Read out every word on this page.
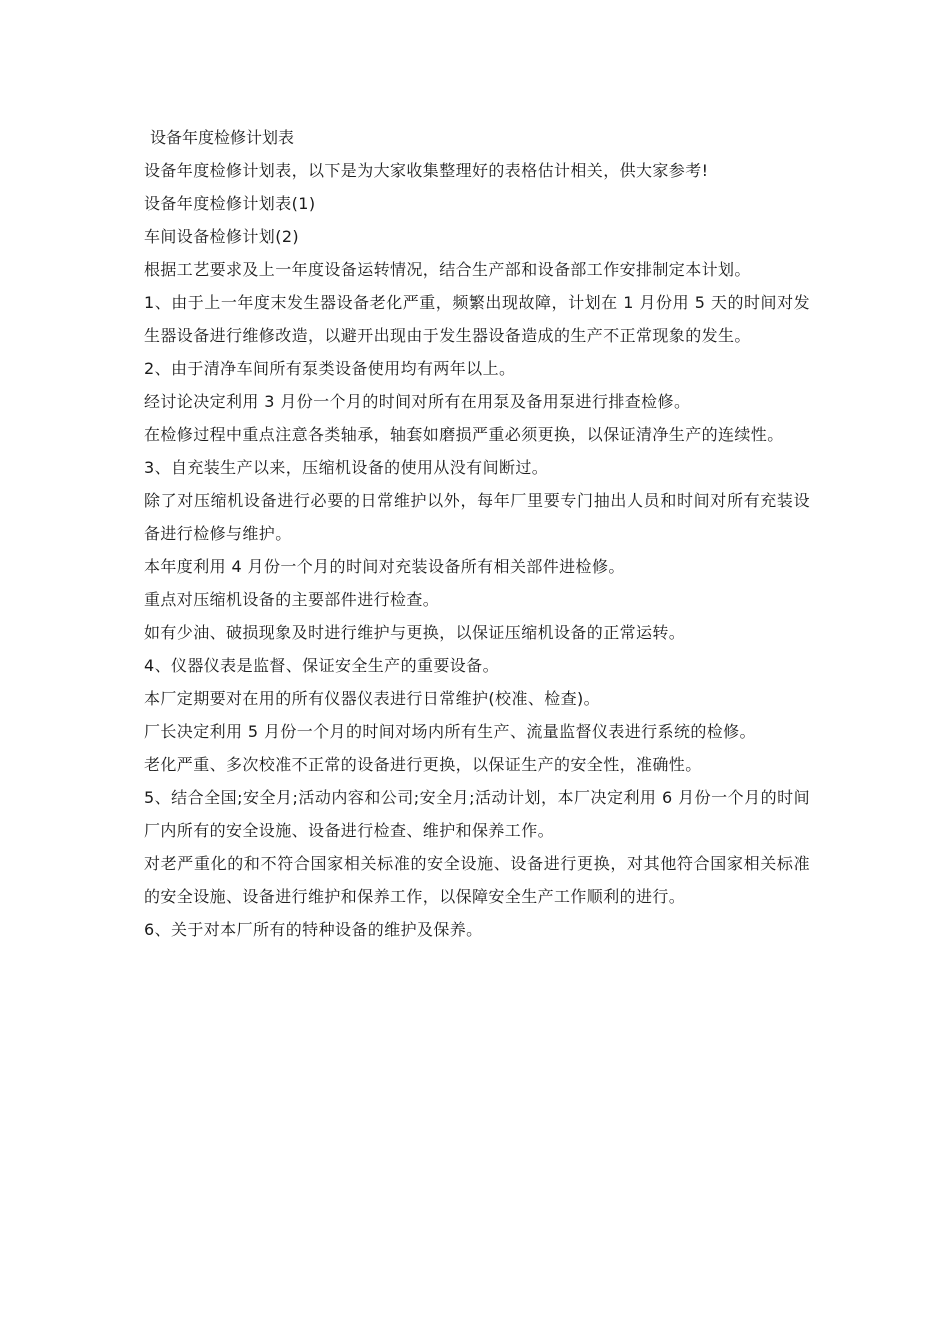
设备年度检修计划表

设备年度检修计划表，以下是为大家收集整理好的表格估计相关，供大家参考!

设备年度检修计划表(1)

车间设备检修计划(2)

根据工艺要求及上一年度设备运转情况，结合生产部和设备部工作安排制定本计划。

1、由于上一年度末发生器设备老化严重，频繁出现故障，计划在 1 月份用 5 天的时间对发生器设备进行维修改造，以避开出现由于发生器设备造成的生产不正常现象的发生。

2、由于清净车间所有泵类设备使用均有两年以上。

经讨论决定利用 3 月份一个月的时间对所有在用泵及备用泵进行排查检修。

在检修过程中重点注意各类轴承，轴套如磨损严重必须更换，以保证清净生产的连续性。

3、自充装生产以来，压缩机设备的使用从没有间断过。

除了对压缩机设备进行必要的日常维护以外，每年厂里要专门抽出人员和时间对所有充装设备进行检修与维护。

本年度利用 4 月份一个月的时间对充装设备所有相关部件进检修。

重点对压缩机设备的主要部件进行检查。

如有少油、破损现象及时进行维护与更换，以保证压缩机设备的正常运转。

4、仪器仪表是监督、保证安全生产的重要设备。

本厂定期要对在用的所有仪器仪表进行日常维护(校准、检查)。

厂长决定利用 5 月份一个月的时间对场内所有生产、流量监督仪表进行系统的检修。

老化严重、多次校准不正常的设备进行更换，以保证生产的安全性，准确性。

5、结合全国;安全月;活动内容和公司;安全月;活动计划，本厂决定利用 6 月份一个月的时间厂内所有的安全设施、设备进行检查、维护和保养工作。

对老严重化的和不符合国家相关标准的安全设施、设备进行更换，对其他符合国家相关标准的安全设施、设备进行维护和保养工作，以保障安全生产工作顺利的进行。

6、关于对本厂所有的特种设备的维护及保养。
